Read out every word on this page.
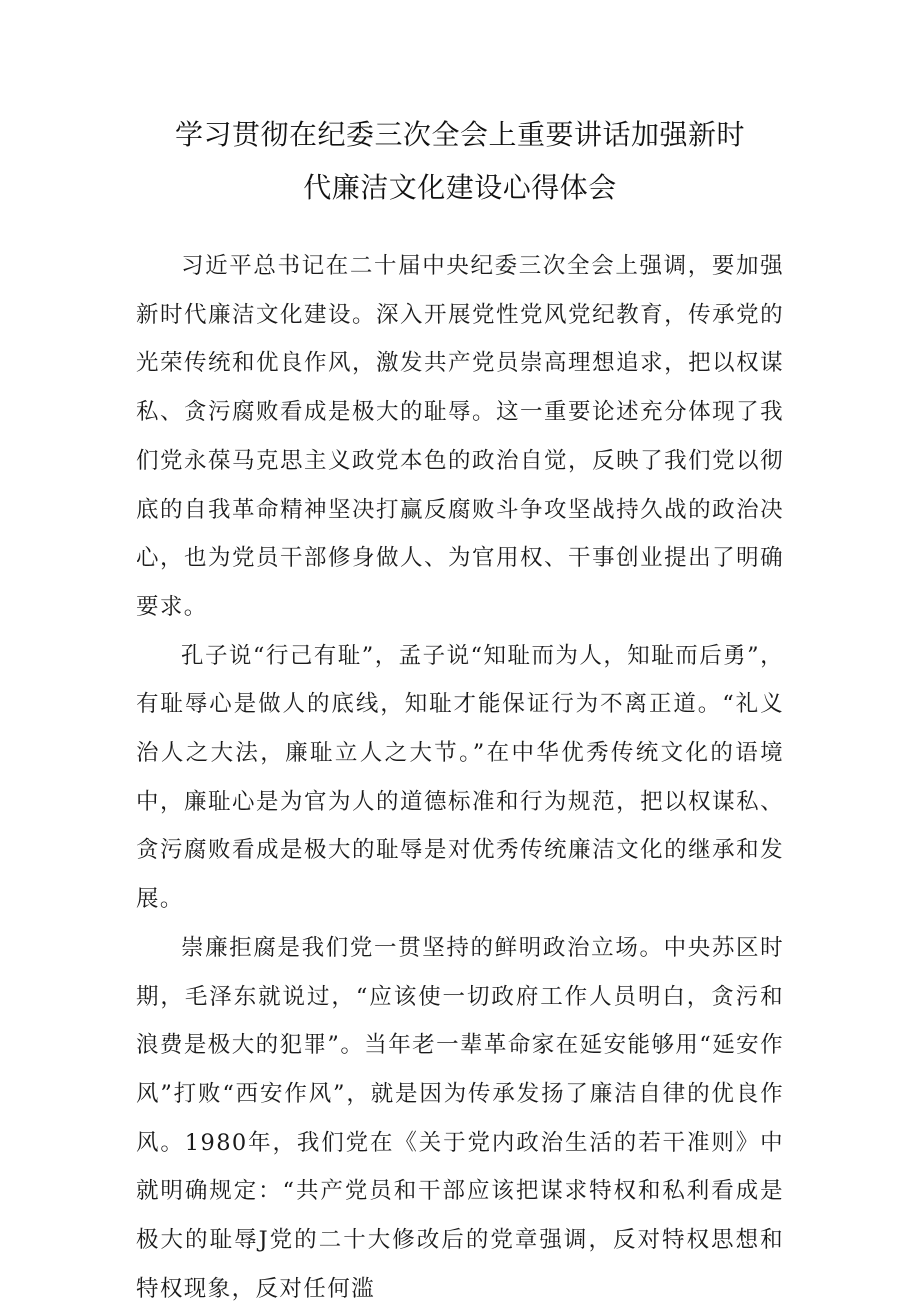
学习贯彻在纪委三次全会上重要讲话加强新时
代廉洁文化建设心得体会

习近平总书记在二十届中央纪委三次全会上强调，要加强新时代廉洁文化建设。深入开展党性党风党纪教育，传承党的光荣传统和优良作风，激发共产党员崇高理想追求，把以权谋私、贪污腐败看成是极大的耻辱。这一重要论述充分体现了我们党永葆马克思主义政党本色的政治自觉，反映了我们党以彻底的自我革命精神坚决打赢反腐败斗争攻坚战持久战的政治决心，也为党员干部修身做人、为官用权、干事创业提出了明确要求。

孔子说“行己有耻”，孟子说“知耻而为人，知耻而后勇”，有耻辱心是做人的底线，知耻才能保证行为不离正道。“礼义治人之大法，廉耻立人之大节。”在中华优秀传统文化的语境中，廉耻心是为官为人的道德标准和行为规范，把以权谋私、贪污腐败看成是极大的耻辱是对优秀传统廉洁文化的继承和发展。

崇廉拒腐是我们党一贯坚持的鲜明政治立场。中央苏区时期，毛泽东就说过，“应该使一切政府工作人员明白，贪污和浪费是极大的犯罪”。当年老一辈革命家在延安能够用“延安作风”打败“西安作风”，就是因为传承发扬了廉洁自律的优良作风。1980年，我们党在《关于党内政治生活的若干准则》中就明确规定：“共产党员和干部应该把谋求特权和私利看成是极大的耻辱J党的二十大修改后的党章强调，反对特权思想和特权现象，反对任何滥
